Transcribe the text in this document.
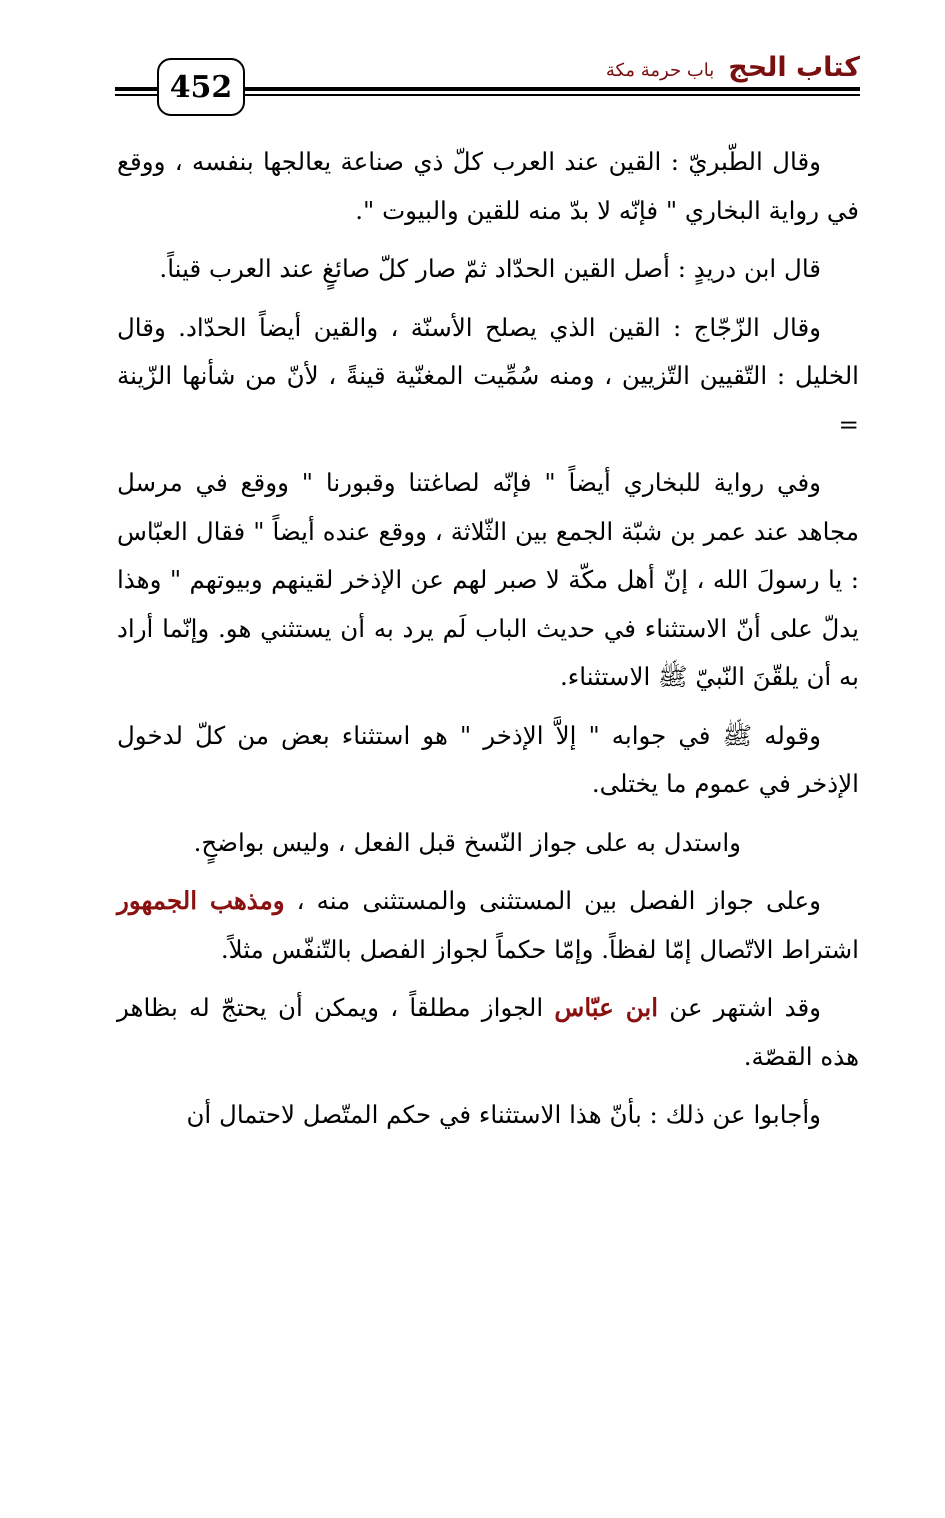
452
كتاب الحج
باب حرمة مكة

وقال الطّبريّ : القين عند العرب كلّ ذي صناعة يعالجها بنفسه ، ووقع في رواية البخاري " فإنّه لا بدّ منه للقين والبيوت ".

قال ابن دريدٍ : أصل القين الحدّاد ثمّ صار كلّ صائغٍ عند العرب قيناً.

وقال الزّجّاج : القين الذي يصلح الأسنّة ، والقين أيضاً الحدّاد. وقال الخليل : التّقيين التّزيين ، ومنه سُمِّيت المغنّية قينةً ، لأنّ من شأنها الزّينة =

وفي رواية للبخاري أيضاً " فإنّه لصاغتنا وقبورنا " ووقع في مرسل مجاهد عند عمر بن شبّة الجمع بين الثّلاثة ، ووقع عنده أيضاً " فقال العبّاس : يا رسولَ الله ، إنّ أهل مكّة لا صبر لهم عن الإذخر لقينهم وبيوتهم " وهذا يدلّ على أنّ الاستثناء في حديث الباب لَم يرد به أن يستثني هو. وإنّما أراد به أن يلقّنَ النّبيّ ﷺ الاستثناء.

وقوله ﷺ في جوابه " إلاَّ الإذخر " هو استثناء بعض من كلّ لدخول الإذخر في عموم ما يختلى.

واستدل به على جواز النّسخ قبل الفعل ، وليس بواضحٍ.

وعلى جواز الفصل بين المستثنى والمستثنى منه ، ومذهب الجمهور اشتراط الاتّصال إمّا لفظاً. وإمّا حكماً لجواز الفصل بالتّنفّس مثلاً.

وقد اشتهر عن ابن عبّاس الجواز مطلقاً ، ويمكن أن يحتجّ له بظاهر هذه القصّة.

وأجابوا عن ذلك : بأنّ هذا الاستثناء في حكم المتّصل لاحتمال أن
